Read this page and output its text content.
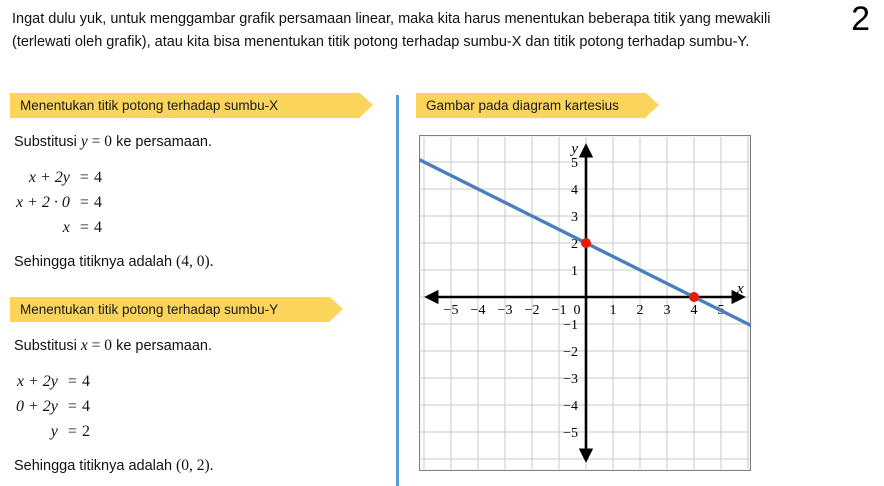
Ingat dulu yuk, untuk menggambar grafik persamaan linear, maka kita harus menentukan beberapa titik yang mewakili (terlewati oleh grafik), atau kita bisa menentukan titik potong terhadap sumbu-X dan titik potong terhadap sumbu-Y.
2
Menentukan titik potong terhadap sumbu-X
Substitusi y = 0 ke persamaan.
x + 2y	=	4
x + 2 · 0	=	4
x	=	4
Sehingga titiknya adalah (4, 0).
Menentukan titik potong terhadap sumbu-Y
Substitusi x = 0 ke persamaan.
x + 2y	=	4
0 + 2y	=	4
y	=	2
Sehingga titiknya adalah (0, 2).
Gambar pada diagram kartesius
−5 −4 −3 −2 −1 0 1 2 3 4
−5
−4
−3
−2
−1
1
2
3
4
5
x
y
